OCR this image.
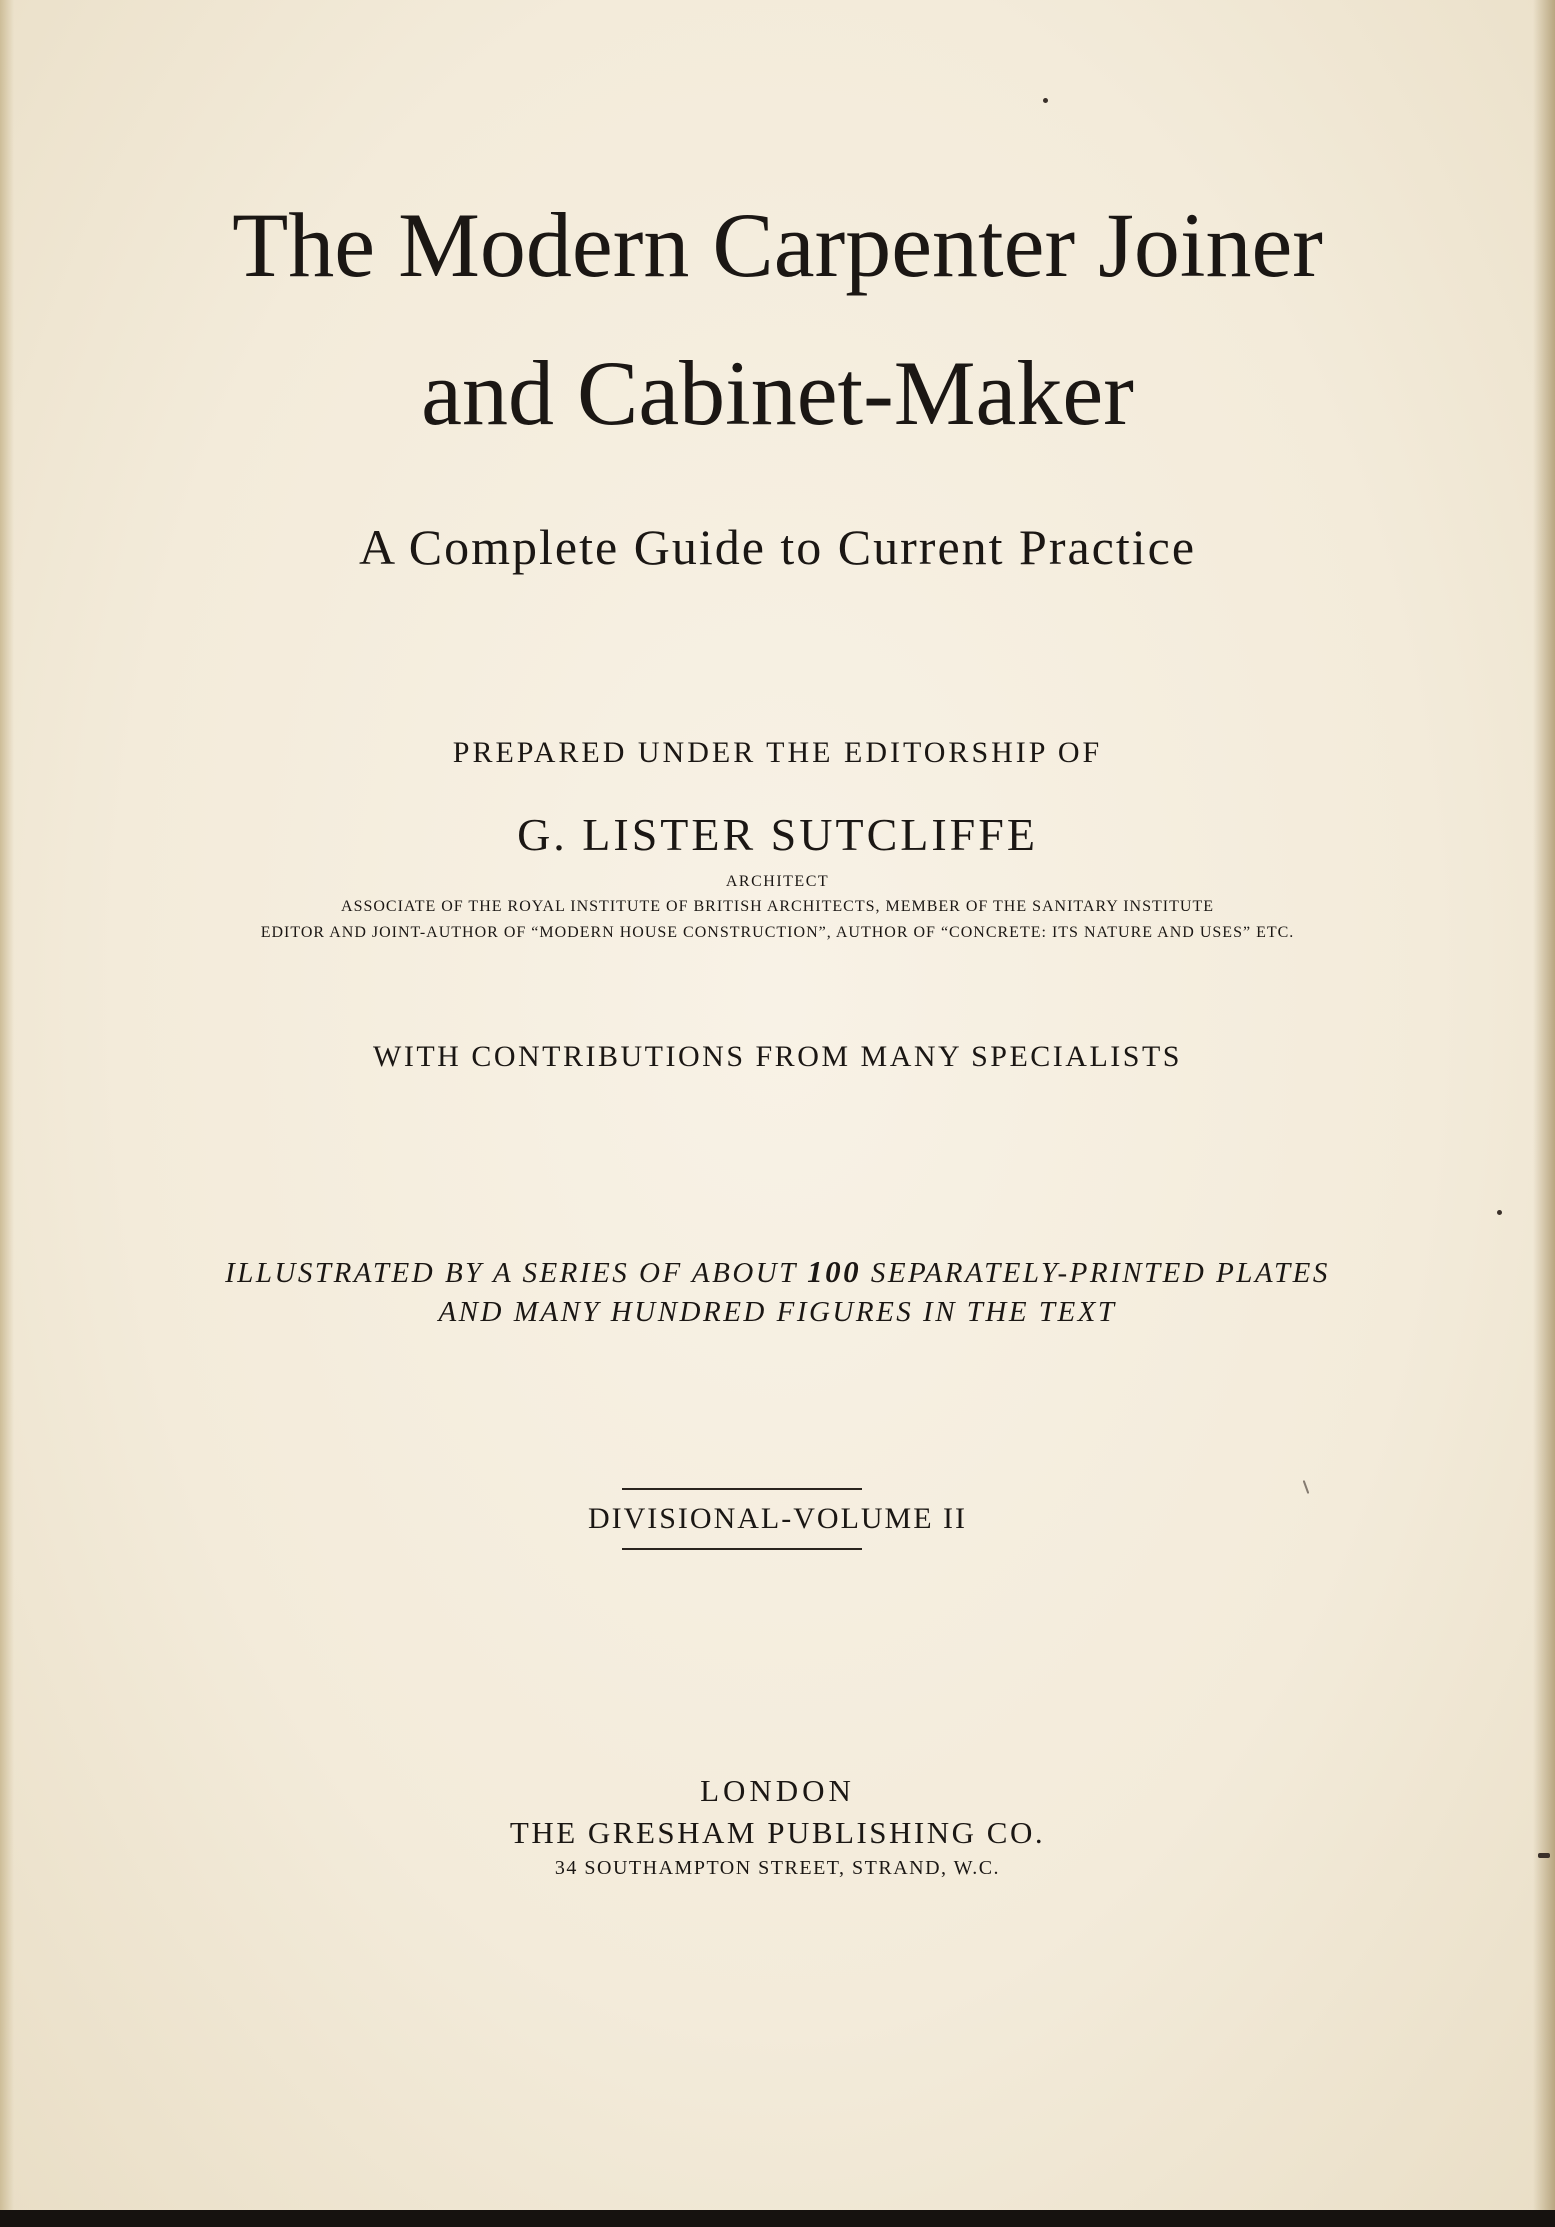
The Modern Carpenter Joiner
and Cabinet-Maker
A Complete Guide to Current Practice
PREPARED UNDER THE EDITORSHIP OF
G. LISTER SUTCLIFFE
ARCHITECT
ASSOCIATE OF THE ROYAL INSTITUTE OF BRITISH ARCHITECTS, MEMBER OF THE SANITARY INSTITUTE
EDITOR AND JOINT-AUTHOR OF “MODERN HOUSE CONSTRUCTION”, AUTHOR OF “CONCRETE: ITS NATURE AND USES” ETC.
WITH CONTRIBUTIONS FROM MANY SPECIALISTS
ILLUSTRATED BY A SERIES OF ABOUT 100 SEPARATELY-PRINTED PLATES
AND MANY HUNDRED FIGURES IN THE TEXT
DIVISIONAL-VOLUME II
LONDON
THE GRESHAM PUBLISHING CO.
34 SOUTHAMPTON STREET, STRAND, W.C.
